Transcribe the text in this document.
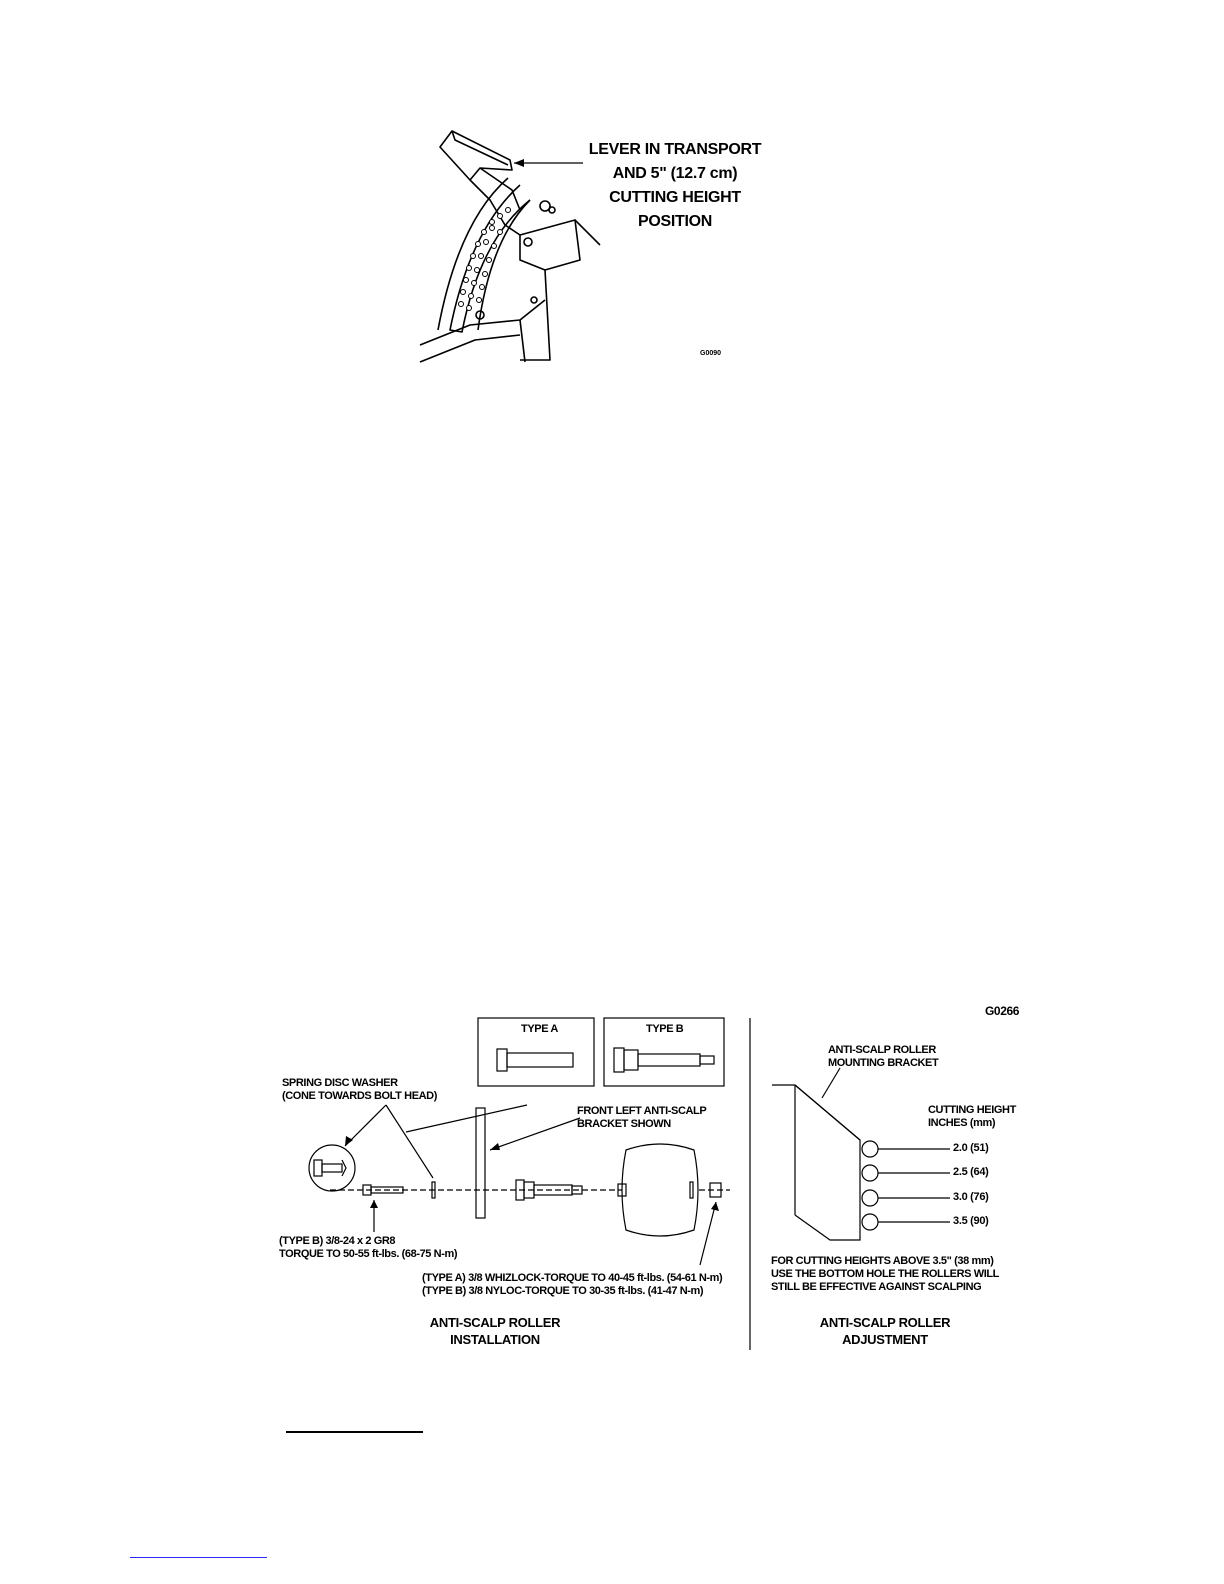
LEVER IN TRANSPORT
AND 5" (12.7 cm)
CUTTING HEIGHT
POSITION
G0090
G0266
TYPE A	TYPE B
SPRING DISC WASHER
(CONE TOWARDS BOLT HEAD)
FRONT LEFT ANTI-SCALP
BRACKET SHOWN
(TYPE B) 3/8-24 x 2 GR8
TORQUE TO 50-55 ft-lbs. (68-75 N-m)
(TYPE A) 3/8 WHIZLOCK-TORQUE TO 40-45 ft-lbs. (54-61 N-m)
(TYPE B) 3/8 NYLOC-TORQUE TO 30-35 ft-lbs. (41-47 N-m)
ANTI-SCALP ROLLER
INSTALLATION
ANTI-SCALP ROLLER
MOUNTING BRACKET
CUTTING HEIGHT
INCHES (mm)
2.0 (51)
2.5 (64)
3.0 (76)
3.5 (90)
FOR CUTTING HEIGHTS ABOVE 3.5" (38 mm)
USE THE BOTTOM HOLE THE ROLLERS WILL
STILL BE EFFECTIVE AGAINST SCALPING
ANTI-SCALP ROLLER
ADJUSTMENT
